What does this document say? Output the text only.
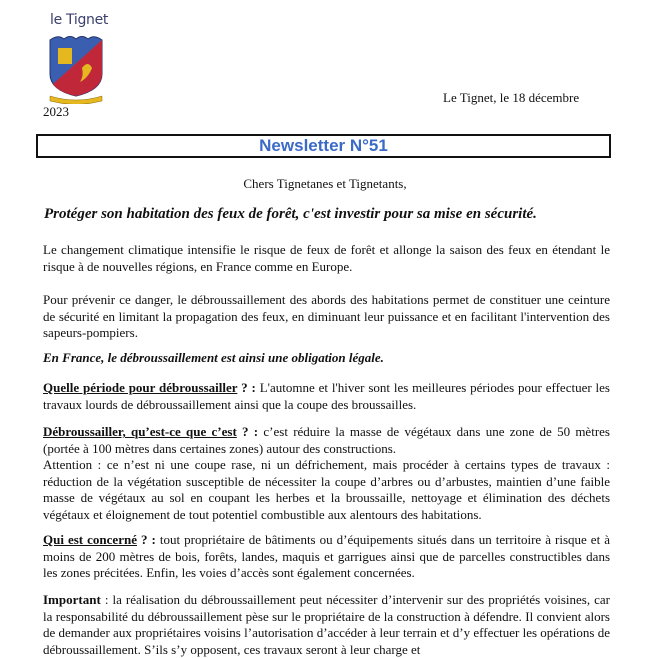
le Tignet
2023
Le Tignet, le 18 décembre
Newsletter N°51
Chers Tignetanes et Tignetants,
Protéger son habitation des feux de forêt, c'est investir pour sa mise en sécurité.
Le changement climatique intensifie le risque de feux de forêt et allonge la saison des feux en étendant le risque à de nouvelles régions, en France comme en Europe.
Pour prévenir ce danger, le débroussaillement des abords des habitations permet de constituer une ceinture de sécurité en limitant la propagation des feux, en diminuant leur puissance et en facilitant l'intervention des sapeurs-pompiers.
En France, le débroussaillement est ainsi une obligation légale.
Quelle période pour débroussailler ? : L'automne et l'hiver sont les meilleures périodes pour effectuer les travaux lourds de débroussaillement ainsi que la coupe des broussailles.
Débroussailler, qu’est-ce que c’est ? : c’est réduire la masse de végétaux dans une zone de 50 mètres (portée à 100 mètres dans certaines zones) autour des constructions.
Attention : ce n’est ni une coupe rase, ni un défrichement, mais procéder à certains types de travaux : réduction de la végétation susceptible de nécessiter la coupe d’arbres ou d’arbustes, maintien d’une faible masse de végétaux au sol en coupant les herbes et la broussaille, nettoyage et élimination des déchets végétaux et éloignement de tout potentiel combustible aux alentours des habitations.
Qui est concerné ? : tout propriétaire de bâtiments ou d’équipements situés dans un territoire à risque et à moins de 200 mètres de bois, forêts, landes, maquis et garrigues ainsi que de parcelles constructibles dans les zones précitées. Enfin, les voies d’accès sont également concernées.
Important : la réalisation du débroussaillement peut nécessiter d’intervenir sur des propriétés voisines, car la responsabilité du débroussaillement pèse sur le propriétaire de la construction à défendre. Il convient alors de demander aux propriétaires voisins l’autorisation d’accéder à leur terrain et d’y effectuer les opérations de débroussaillement. S’ils s’y opposent, ces travaux seront à leur charge et
